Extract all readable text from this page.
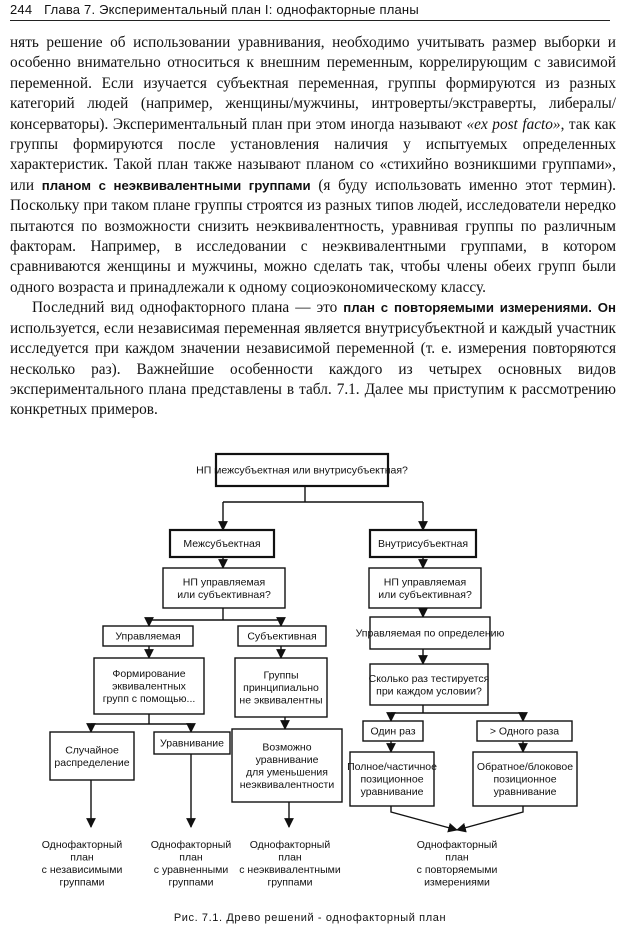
244 Глава 7. Экспериментальный план I: однофакторные планы

нять решение об использовании уравнивания, необходимо учитывать размер выборки и особенно внимательно относиться к внешним переменным, коррелирующим с зависимой переменной. Если изучается субъектная переменная, группы формируются из разных категорий людей (например, женщины/мужчины, интроверты/экстраверты, либералы/консерваторы). Экспериментальный план при этом иногда называют «ex post facto», так как группы формируются после установления наличия у испытуемых определенных характеристик. Такой план также называют планом со «стихийно возникшими группами», или планом с неэквивалентными группами (я буду использовать именно этот термин). Поскольку при таком плане группы строятся из разных типов людей, исследователи нередко пытаются по возможности снизить неэквивалентность, уравнивая группы по различным факторам. Например, в исследовании с неэквивалентными группами, в котором сравниваются женщины и мужчины, можно сделать так, чтобы члены обеих групп были одного возраста и принадлежали к одному социоэкономическому классу.

Последний вид однофакторного плана — это план с повторяемыми измерениями. Он используется, если независимая переменная является внутрисубъектной и каждый участник исследуется при каждом значении независимой переменной (т. е. измерения повторяются несколько раз). Важнейшие особенности каждого из четырех основных видов экспериментального плана представлены в табл. 7.1. Далее мы приступим к рассмотрению конкретных примеров.

НП межсубъектная или внутрисубъектная?
Межсубъектная	Внутрисубъектная
НП управляемая или субъективная?
НП управляемая или субъективная?
Управляемая	Субъективная	Управляемая по определению
Формирование эквивалентных групп с помощью...
Группы принципиально не эквивалентны
Сколько раз тестируется при каждом условии?
Случайное распределение
Уравнивание	Возможно уравнивание для уменьшения неэквивалентности
Один раз	> Одного раза
Полное/частичное позиционное уравнивание
Обратное/блоковое позиционное уравнивание
Однофакторный план с независимыми группами
Однофакторный план с уравненными группами
Однофакторный план с неэквивалентными группами
Однофакторный план с повторяемыми измерениями
Рис. 7.1. Древо решений - однофакторный план
